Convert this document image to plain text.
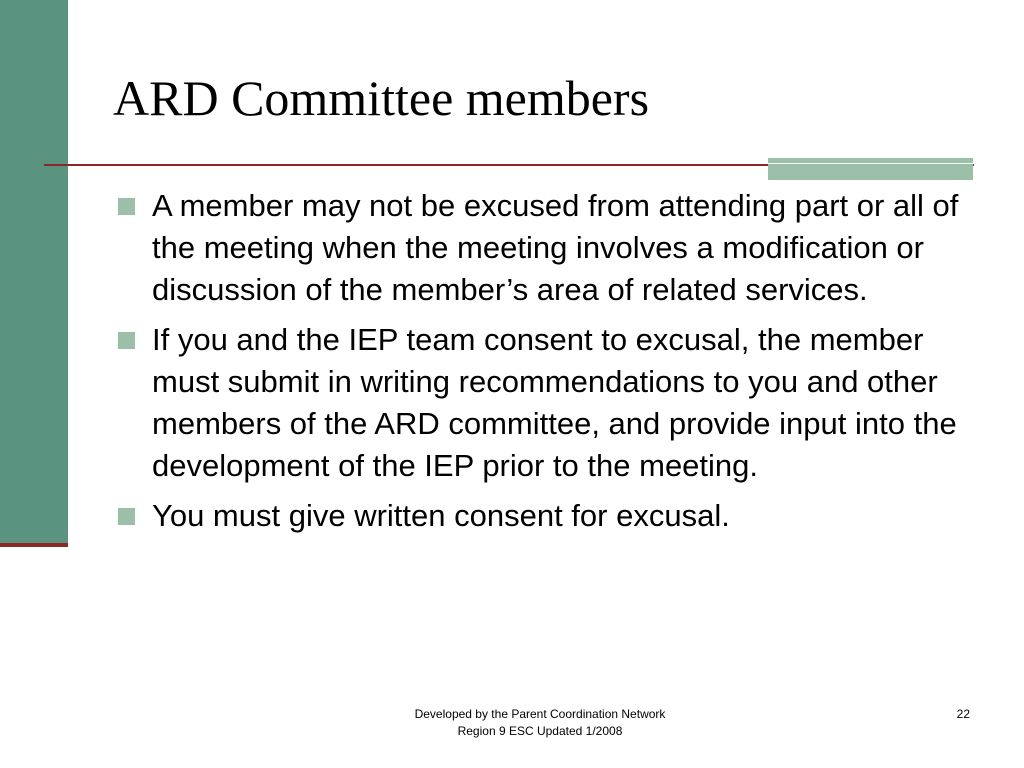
ARD Committee members
A member may not be excused from attending part or all of the meeting when the meeting involves a modification or discussion of the member’s area of related services.
If you and the IEP team consent to excusal, the member must submit in writing recommendations to you and other members of the ARD committee, and provide input into the development of the IEP prior to the meeting.
You must give written consent for excusal.
Developed by the Parent Coordination Network
Region 9 ESC Updated 1/2008
22
